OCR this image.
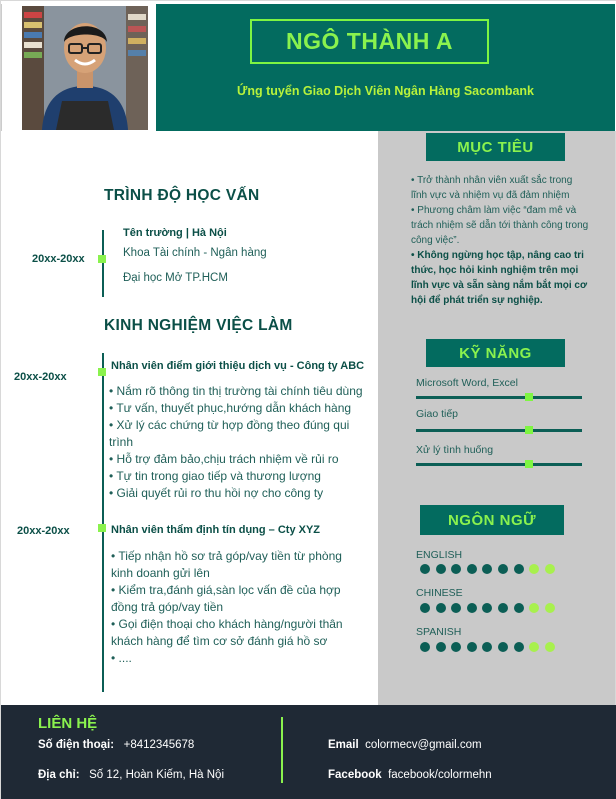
NGÔ THÀNH A
Ứng tuyển Giao Dịch Viên Ngân Hàng Sacombank
MỤC TIÊU

• Trở thành nhân viên xuất sắc trong lĩnh vực và nhiệm vụ đã đảm nhiệm

• Phương châm làm việc “đam mê và trách nhiệm sẽ dẫn tới thành công trong công việc”.

• Không ngừng học tập, nâng cao tri thức, học hỏi kinh nghiệm trên mọi lĩnh vực và sẵn sàng nắm bắt mọi cơ hội để phát triển sự nghiệp.

KỸ NĂNG
Microsoft Word, Excel
Giao tiếp
Xử lý tình huống
NGÔN NGỮ
ENGLISH
CHINESE
SPANISH
TRÌNH ĐỘ HỌC VẤN
20xx-20xx
Tên trường | Hà Nội
Khoa Tài chính - Ngân hàng
Đại học Mở TP.HCM
KINH NGHIỆM VIỆC LÀM
20xx-20xx
Nhân viên điểm giới thiệu dịch vụ - Công ty ABC

• Nắm rõ thông tin thị trường tài chính tiêu dùng

• Tư vấn, thuyết phục,hướng dẫn khách hàng

• Xử lý các chứng từ hợp đồng theo đúng qui trình

• Hỗ trợ đảm bảo,chịu trách nhiệm về rủi ro

• Tự tin trong giao tiếp và thương lượng

• Giải quyết rủi ro thu hồi nợ cho công ty

20xx-20xx	Nhân viên thẩm định tín dụng – Cty XYZ

• Tiếp nhận hồ sơ trả góp/vay tiền từ phòng kinh doanh gửi lên

• Kiểm tra,đánh giá,sàn lọc vấn đề của hợp đồng trả góp/vay tiền

• Gọi điện thoại cho khách hàng/người thân khách hàng để tìm cơ sở đánh giá hồ sơ

• ....

LIÊN HỆ
Số điện thoại: +8412345678
Địa chỉ: Số 12, Hoàn Kiếm, Hà Nội
Email colormecv@gmail.com
Facebook facebook/colormehn
